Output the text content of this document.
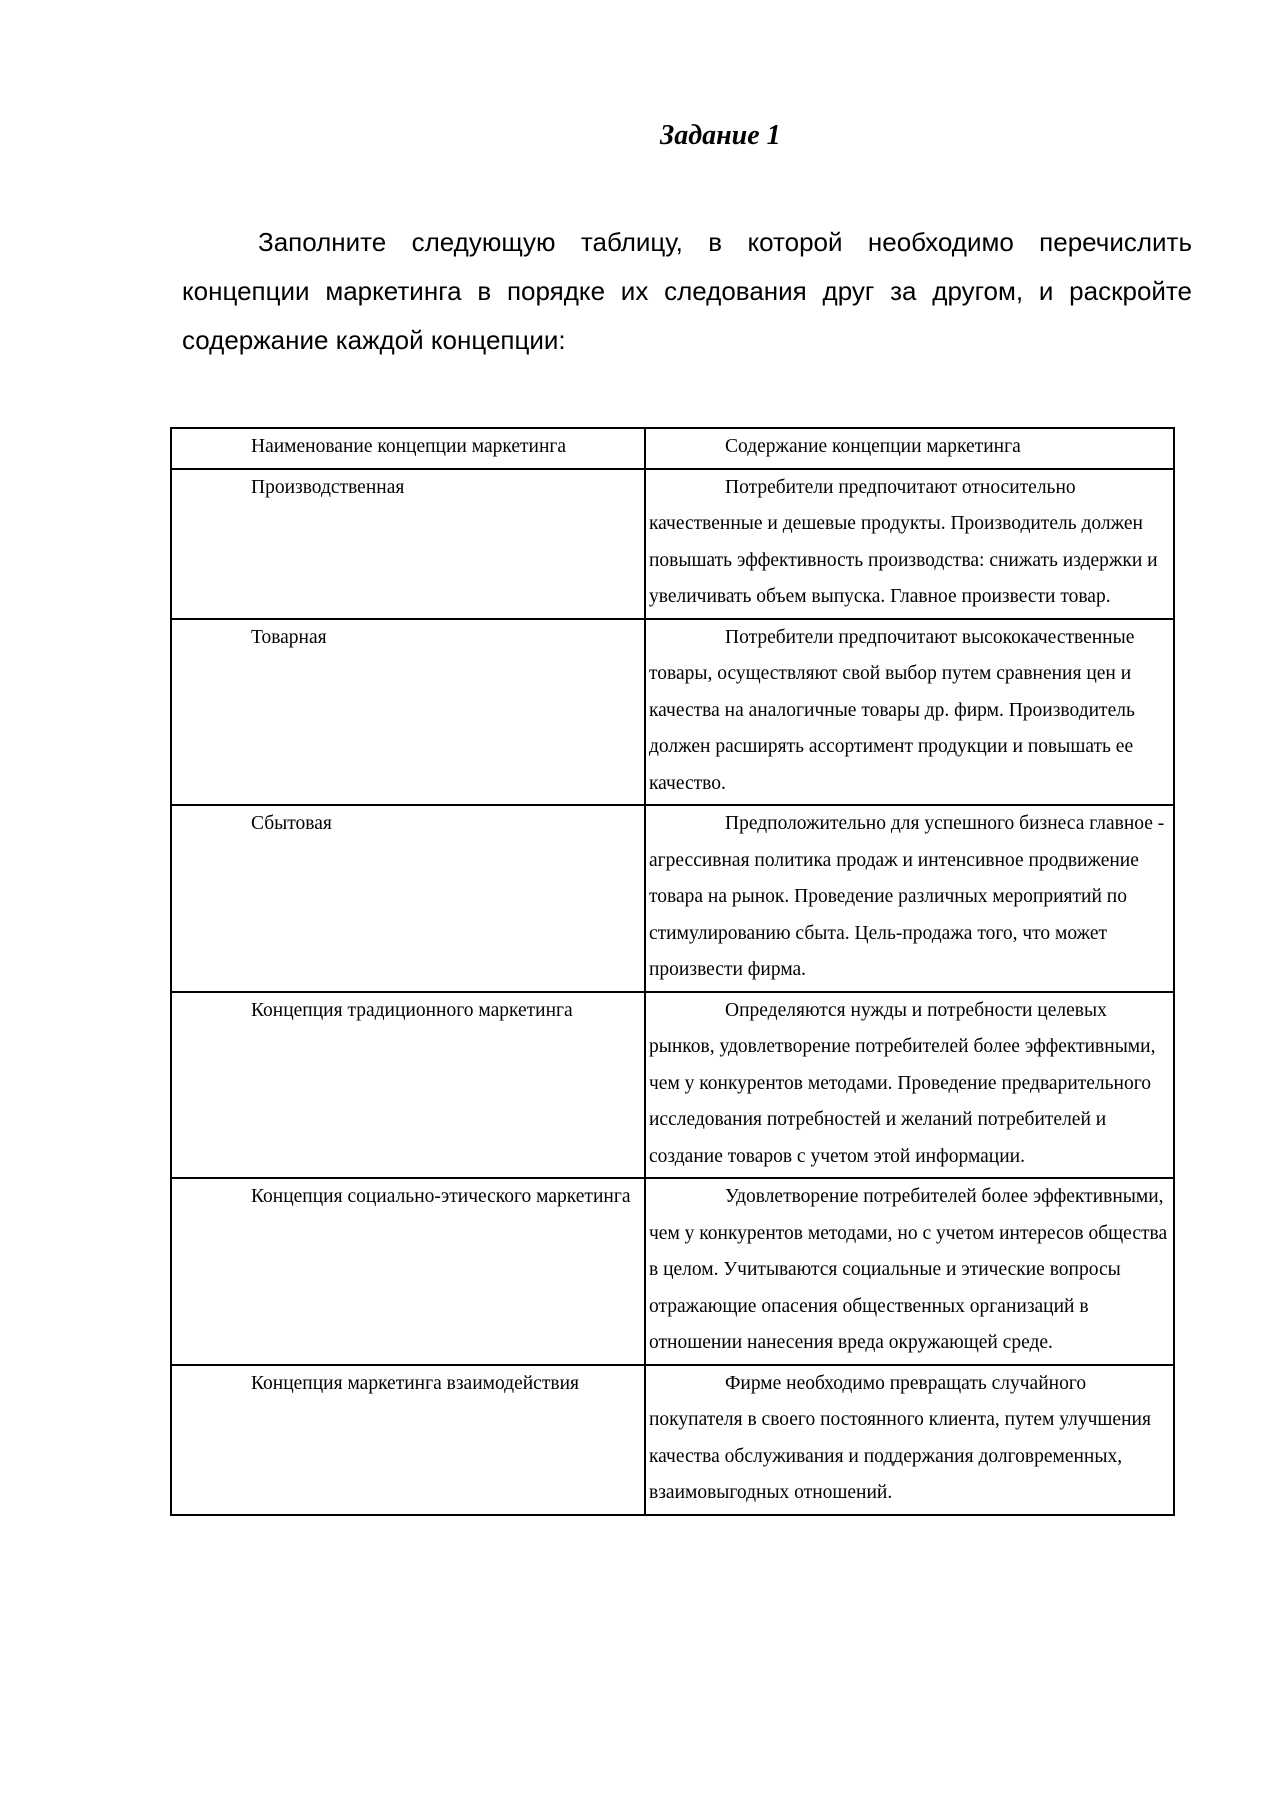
Задание 1

Заполните следующую таблицу, в которой необходимо перечислить концепции маркетинга в порядке их следования друг за другом, и раскройте содержание каждой концепции:

Наименование концепции маркетинга	Содержание концепции маркетинга

Производственная	Потребители предпочитают относительно качественные и дешевые продукты. Производитель должен повышать эффективность производства: снижать издержки и увеличивать объем выпуска. Главное произвести товар.

Товарная	Потребители предпочитают высококачественные товары, осуществляют свой выбор путем сравнения цен и качества на аналогичные товары др. фирм. Производитель должен расширять ассортимент продукции и повышать ее качество.

Сбытовая	Предположительно для успешного бизнеса главное - агрессивная политика продаж и интенсивное продвижение товара на рынок. Проведение различных мероприятий по стимулированию сбыта. Цель-продажа того, что может произвести фирма.

Концепция традиционного маркетинга	Определяются нужды и потребности целевых рынков, удовлетворение потребителей более эффективными, чем у конкурентов методами. Проведение предварительного исследования потребностей и желаний потребителей и создание товаров с учетом этой информации.

Концепция социально-этического маркетинга	Удовлетворение потребителей более эффективными, чем у конкурентов методами, но с учетом интересов общества в целом. Учитываются социальные и этические вопросы отражающие опасения общественных организаций в отношении нанесения вреда окружающей среде.

Концепция маркетинга взаимодействия	Фирме необходимо превращать случайного покупателя в своего постоянного клиента, путем улучшения качества обслуживания и поддержания долговременных, взаимовыгодных отношений.
